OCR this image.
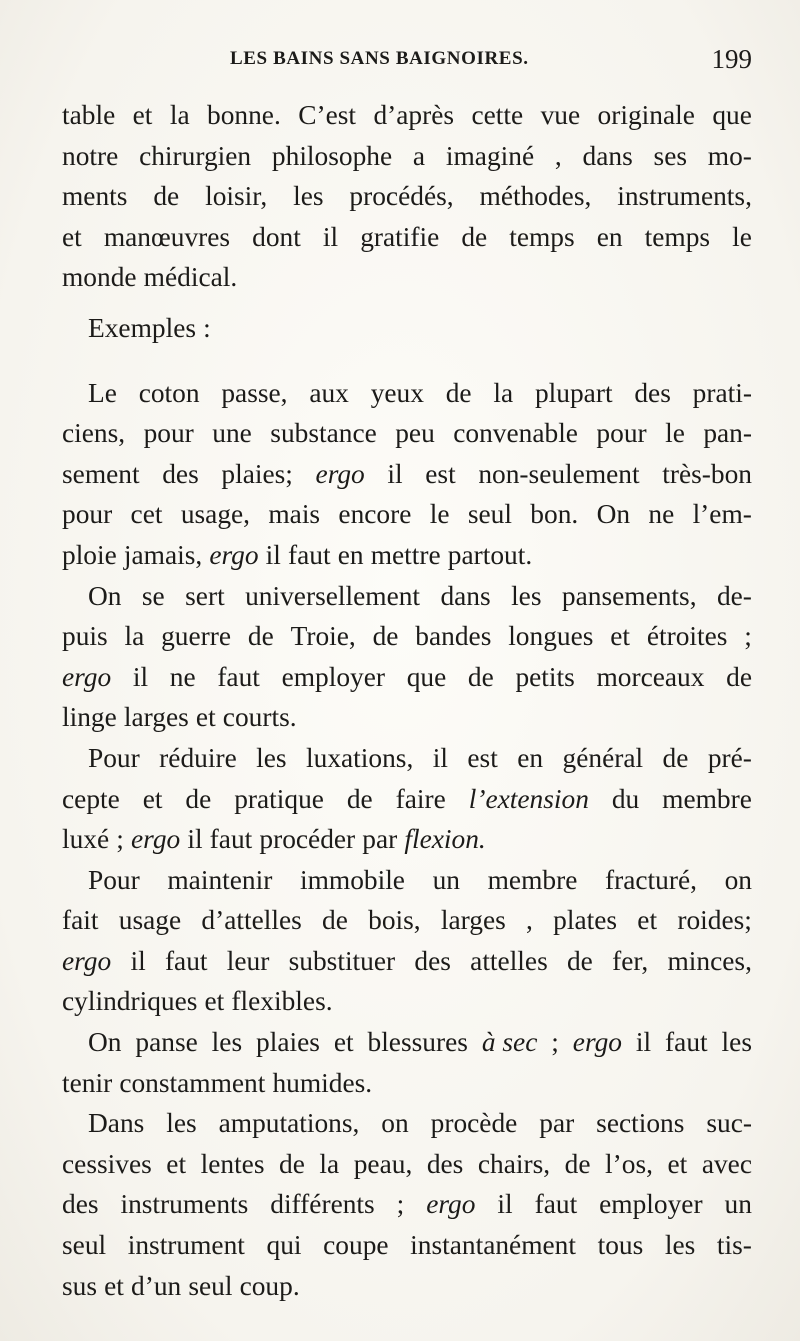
LES BAINS SANS BAIGNOIRES.	199
table et la bonne. C’est d’après cette vue originale que
notre chirurgien philosophe a imaginé , dans ses mo-
ments de loisir, les procédés, méthodes, instruments,
et manœuvres dont il gratifie de temps en temps le
monde médical.
Exemples :
Le coton passe, aux yeux de la plupart des prati-
ciens, pour une substance peu convenable pour le pan-
sement des plaies; ergo il est non-seulement très-bon
pour cet usage, mais encore le seul bon. On ne l’em-
ploie jamais, ergo il faut en mettre partout.
On se sert universellement dans les pansements, de-
puis la guerre de Troie, de bandes longues et étroites ;
ergo il ne faut employer que de petits morceaux de
linge larges et courts.
Pour réduire les luxations, il est en général de pré-
cepte et de pratique de faire l’extension du membre
luxé ; ergo il faut procéder par flexion.
Pour maintenir immobile un membre fracturé, on
fait usage d’attelles de bois, larges , plates et roides;
ergo il faut leur substituer des attelles de fer, minces,
cylindriques et flexibles.
On panse les plaies et blessures à sec ; ergo il faut les
tenir constamment humides.
Dans les amputations, on procède par sections suc-
cessives et lentes de la peau, des chairs, de l’os, et avec
des instruments différents ; ergo il faut employer un
seul instrument qui coupe instantanément tous les tis-
sus et d’un seul coup.
